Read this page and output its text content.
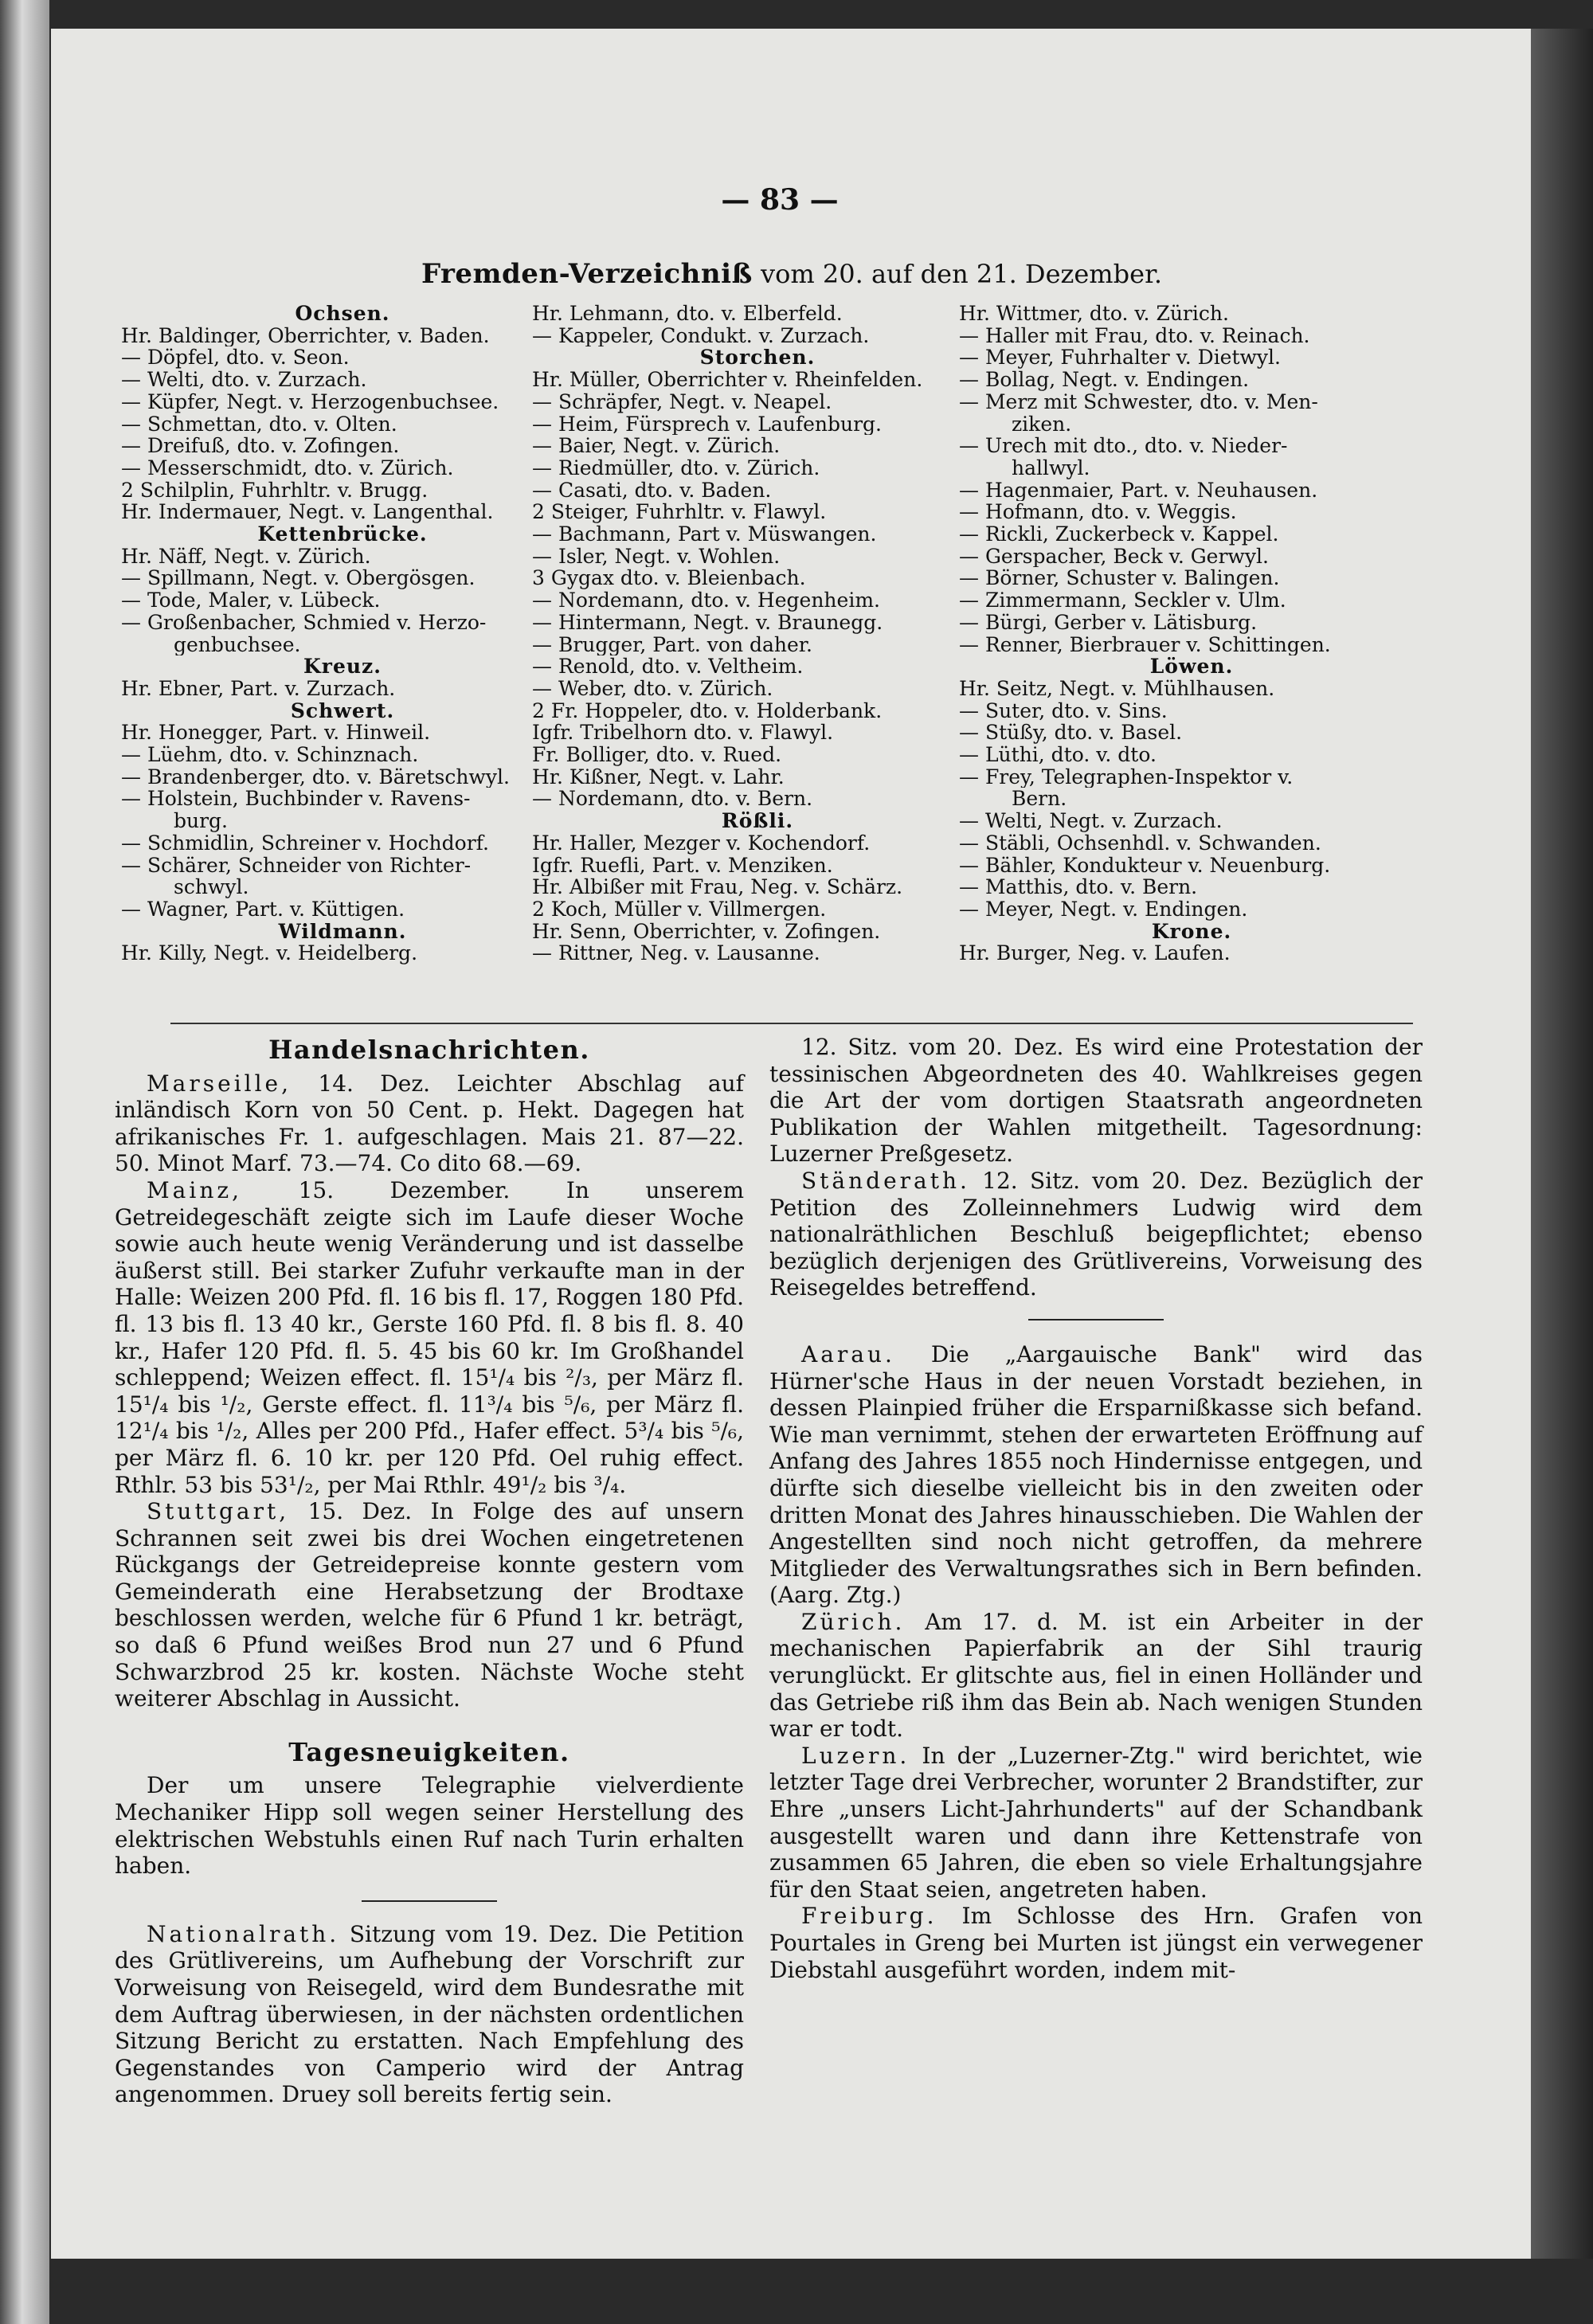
— 83 —
Fremden-Verzeichniß vom 20. auf den 21. Dezember.
Ochsen.
Hr. Baldinger, Oberrichter, v. Baden.
— Döpfel, dto. v. Seon.
— Welti, dto. v. Zurzach.
— Küpfer, Negt. v. Herzogenbuchsee.
— Schmettan, dto. v. Olten.
— Dreifuß, dto. v. Zofingen.
— Messerschmidt, dto. v. Zürich.
2 Schilplin, Fuhrhltr. v. Brugg.
Hr. Indermauer, Negt. v. Langenthal.
Kettenbrücke.
Hr. Näff, Negt. v. Zürich.
— Spillmann, Negt. v. Obergösgen.
— Tode, Maler, v. Lübeck.
— Großenbacher, Schmied v. Herzo-
genbuchsee.
Kreuz.
Hr. Ebner, Part. v. Zurzach.
Schwert.
Hr. Honegger, Part. v. Hinweil.
— Lüehm, dto. v. Schinznach.
— Brandenberger, dto. v. Bäretschwyl.
— Holstein, Buchbinder v. Ravens-
burg.
— Schmidlin, Schreiner v. Hochdorf.
— Schärer, Schneider von Richter-
schwyl.
— Wagner, Part. v. Küttigen.
Wildmann.
Hr. Killy, Negt. v. Heidelberg.
Hr. Lehmann, dto. v. Elberfeld.
— Kappeler, Condukt. v. Zurzach.
Storchen.
Hr. Müller, Oberrichter v. Rheinfelden.
— Schräpfer, Negt. v. Neapel.
— Heim, Fürsprech v. Laufenburg.
— Baier, Negt. v. Zürich.
— Riedmüller, dto. v. Zürich.
— Casati, dto. v. Baden.
2 Steiger, Fuhrhltr. v. Flawyl.
— Bachmann, Part v. Müswangen.
— Isler, Negt. v. Wohlen.
3 Gygax dto. v. Bleienbach.
— Nordemann, dto. v. Hegenheim.
— Hintermann, Negt. v. Braunegg.
— Brugger, Part. von daher.
— Renold, dto. v. Veltheim.
— Weber, dto. v. Zürich.
2 Fr. Hoppeler, dto. v. Holderbank.
Igfr. Tribelhorn dto. v. Flawyl.
Fr. Bolliger, dto. v. Rued.
Hr. Kißner, Negt. v. Lahr.
— Nordemann, dto. v. Bern.
Rößli.
Hr. Haller, Mezger v. Kochendorf.
Igfr. Ruefli, Part. v. Menziken.
Hr. Albißer mit Frau, Neg. v. Schärz.
2 Koch, Müller v. Villmergen.
Hr. Senn, Oberrichter, v. Zofingen.
— Rittner, Neg. v. Lausanne.
Hr. Wittmer, dto. v. Zürich.
— Haller mit Frau, dto. v. Reinach.
— Meyer, Fuhrhalter v. Dietwyl.
— Bollag, Negt. v. Endingen.
— Merz mit Schwester, dto. v. Men-
ziken.
— Urech mit dto., dto. v. Nieder-
hallwyl.
— Hagenmaier, Part. v. Neuhausen.
— Hofmann, dto. v. Weggis.
— Rickli, Zuckerbeck v. Kappel.
— Gerspacher, Beck v. Gerwyl.
— Börner, Schuster v. Balingen.
— Zimmermann, Seckler v. Ulm.
— Bürgi, Gerber v. Lätisburg.
— Renner, Bierbrauer v. Schittingen.
Löwen.
Hr. Seitz, Negt. v. Mühlhausen.
— Suter, dto. v. Sins.
— Stüßy, dto. v. Basel.
— Lüthi, dto. v. dto.
— Frey, Telegraphen-Inspektor v.
Bern.
— Welti, Negt. v. Zurzach.
— Stäbli, Ochsenhdl. v. Schwanden.
— Bähler, Kondukteur v. Neuenburg.
— Matthis, dto. v. Bern.
— Meyer, Negt. v. Endingen.
Krone.
Hr. Burger, Neg. v. Laufen.
Handelsnachrichten.

Marseille, 14. Dez. Leichter Abschlag auf inländisch Korn von 50 Cent. p. Hekt. Dagegen hat afrikanisches Fr. 1. aufgeschlagen. Mais 21. 87—22. 50. Minot Marf. 73.—74. Co dito 68.—69.

Mainz,	15. Dezember. In unserem Getreidegeschäft zeigte sich im Laufe dieser Woche sowie auch heute wenig Veränderung und ist dasselbe äußerst still. Bei starker Zufuhr verkaufte man in der Halle: Weizen 200 Pfd. fl. 16 bis fl. 17, Roggen 180 Pfd. fl. 13 bis fl. 13 40 kr., Gerste 160 Pfd. fl. 8 bis fl. 8. 40 kr., Hafer 120 Pfd. fl. 5. 45 bis 60 kr. Im Großhandel schleppend; Weizen effect. fl. 15¹/₄ bis ²/₃, per März fl. 15¹/₄ bis ¹/₂, Gerste effect. fl. 11³/₄ bis ⁵/₆, per März fl. 12¹/₄ bis ¹/₂, Alles per 200 Pfd., Hafer effect. 5³/₄ bis ⁵/₆, per März fl. 6. 10 kr. per 120 Pfd. Oel ruhig effect. Rthlr. 53 bis 53¹/₂, per Mai Rthlr. 49¹/₂ bis ³/₄.

Stuttgart, 15. Dez. In Folge des auf unsern Schrannen seit zwei bis drei Wochen eingetretenen Rückgangs der Getreidepreise konnte gestern vom Gemeinderath eine Herabsetzung der Brodtaxe beschlossen werden, welche für 6 Pfund 1 kr. beträgt, so daß 6 Pfund weißes Brod nun 27 und 6 Pfund Schwarzbrod 25 kr. kosten. Nächste Woche steht weiterer Abschlag in Aussicht.

Tagesneuigkeiten.

Der um unsere Telegraphie vielverdiente Mechaniker Hipp soll wegen seiner Herstellung des elektrischen Webstuhls einen Ruf nach Turin erhalten haben.

Nationalrath. Sitzung vom 19. Dez. Die Petition des Grütlivereins, um Aufhebung der Vorschrift zur Vorweisung von Reisegeld, wird dem Bundesrathe mit dem Auftrag überwiesen, in der nächsten ordentlichen Sitzung Bericht zu erstatten. Nach Empfehlung des Gegenstandes von Camperio wird der Antrag angenommen. Druey soll bereits fertig sein.

12. Sitz. vom 20. Dez. Es wird eine Protestation der tessinischen Abgeordneten des 40. Wahlkreises gegen die Art der vom dortigen Staatsrath angeordneten Publikation der Wahlen mitgetheilt. Tagesordnung: Luzerner Preßgesetz.

Ständerath. 12. Sitz. vom 20. Dez. Bezüglich der Petition des Zolleinnehmers Ludwig wird dem nationalräthlichen Beschluß beigepflichtet; ebenso bezüglich derjenigen des Grütlivereins, Vorweisung des Reisegeldes betreffend.

Aarau. Die „Aargauische Bank" wird das Hürner'sche Haus in der neuen Vorstadt beziehen, in dessen Plainpied früher die Ersparnißkasse sich befand. Wie man vernimmt, stehen der erwarteten Eröffnung auf Anfang des Jahres 1855 noch Hindernisse entgegen, und dürfte sich dieselbe vielleicht bis in den zweiten oder dritten Monat des Jahres hinausschieben. Die Wahlen der Angestellten sind noch nicht getroffen, da mehrere Mitglieder des Verwaltungsrathes sich in Bern befinden. (Aarg. Ztg.)

Zürich. Am 17. d. M. ist ein Arbeiter in der mechanischen Papierfabrik an der Sihl traurig verunglückt. Er glitschte aus, fiel in einen Holländer und das Getriebe riß ihm das Bein ab. Nach wenigen Stunden war er todt.

Luzern. In der „Luzerner-Ztg." wird berichtet, wie letzter Tage drei Verbrecher, worunter 2 Brandstifter, zur Ehre „unsers Licht-Jahrhunderts" auf der Schandbank ausgestellt waren und dann ihre Kettenstrafe von zusammen 65 Jahren, die eben so viele Erhaltungsjahre für den Staat seien, angetreten haben.

Freiburg. Im Schlosse des Hrn. Grafen von Pourtales in Greng bei Murten ist jüngst ein verwegener Diebstahl ausgeführt worden, indem mit-
